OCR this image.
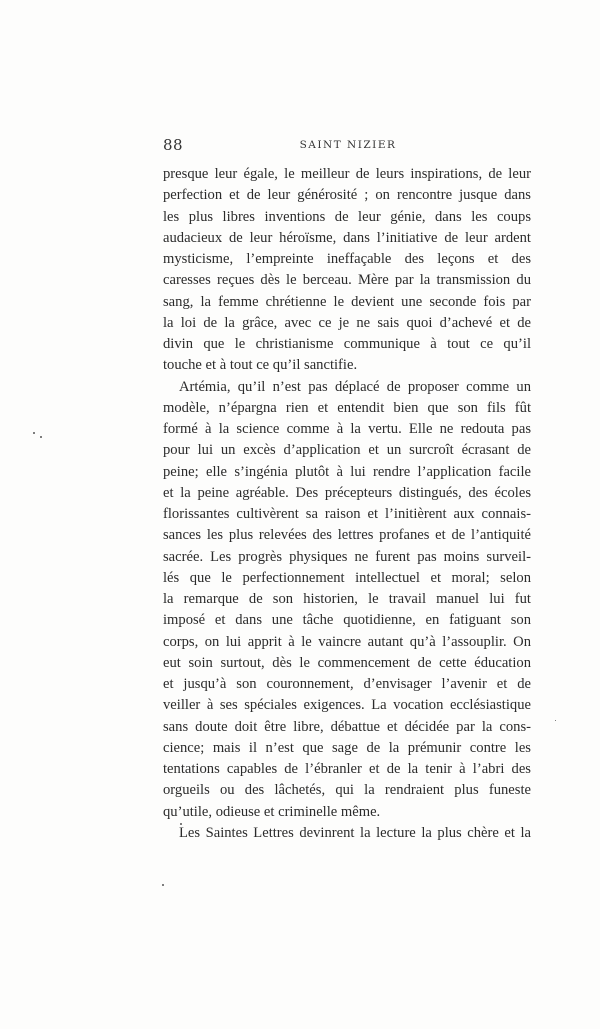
88	SAINT NIZIER
presque leur égale, le meilleur de leurs inspirations, de leur
perfection et de leur générosité ; on rencontre jusque dans
les plus libres inventions de leur génie, dans les coups
audacieux de leur héroïsme, dans l’initiative de leur ardent
mysticisme, l’empreinte ineffaçable des leçons et des
caresses reçues dès le berceau. Mère par la transmission du
sang, la femme chrétienne le devient une seconde fois par
la loi de la grâce, avec ce je ne sais quoi d’achevé et de
divin que le christianisme communique à tout ce qu’il
touche et à tout ce qu’il sanctifie.
Artémia, qu’il n’est pas déplacé de proposer comme un
modèle, n’épargna rien et entendit bien que son fils fût
formé à la science comme à la vertu. Elle ne redouta pas
pour lui un excès d’application et un surcroît écrasant de
peine; elle s’ingénia plutôt à lui rendre l’application facile
et la peine agréable. Des précepteurs distingués, des écoles
florissantes cultivèrent sa raison et l’initièrent aux connais-
sances les plus relevées des lettres profanes et de l’antiquité
sacrée. Les progrès physiques ne furent pas moins surveil-
lés que le perfectionnement intellectuel et moral; selon
la remarque de son historien, le travail manuel lui fut
imposé et dans une tâche quotidienne, en fatiguant son
corps, on lui apprit à le vaincre autant qu’à l’assouplir. On
eut soin surtout, dès le commencement de cette éducation
et jusqu’à son couronnement, d’envisager l’avenir et de
veiller à ses spéciales exigences. La vocation ecclésiastique
sans doute doit être libre, débattue et décidée par la cons-
cience; mais il n’est que sage de la prémunir contre les
tentations capables de l’ébranler et de la tenir à l’abri des
orgueils ou des lâchetés, qui la rendraient plus funeste
qu’utile, odieuse et criminelle même.
Les Saintes Lettres devinrent la lecture la plus chère et la
